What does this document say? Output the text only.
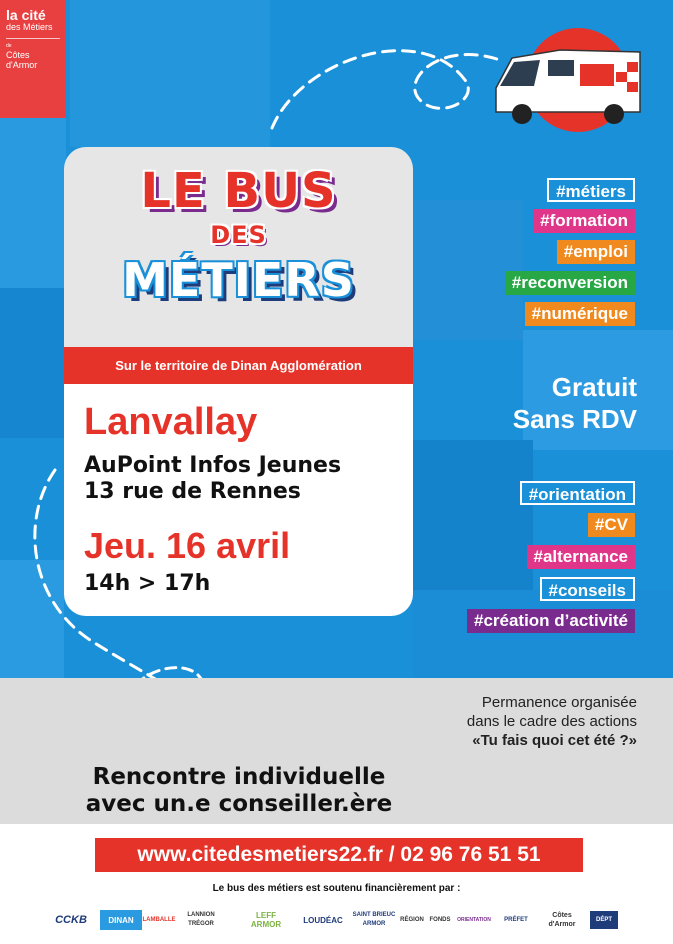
la cité
des Métiers
de
Côtes
d'Armor
LE BUS
DES
MÉTIERS
Sur le territoire de Dinan Agglomération
Lanvallay
AuPoint Infos Jeunes
13 rue de Rennes
Jeu. 16 avril
14h > 17h
#métiers
#formation
#emploi
#reconversion
#numérique
Gratuit
Sans RDV
#orientation
#CV
#alternance
#conseils
#création d’activité
Permanence organisée
dans le cadre des actions
«Tu fais quoi cet été ?»
Rencontre individuelle
avec un.e conseiller.ère
www.citedesmetiers22.fr / 02 96 76 51 51
Le bus des métiers est soutenu financièrement par :
CCKB	DINAN	LAMBALLE
LANNION TRÉGOR
LEFF ARMOR	LOUDÉAC
SAINT BRIEUC ARMOR
RÉGION FONDS	ORIENTATION	PRÉFET
Côtes d'Armor
DÉPT
